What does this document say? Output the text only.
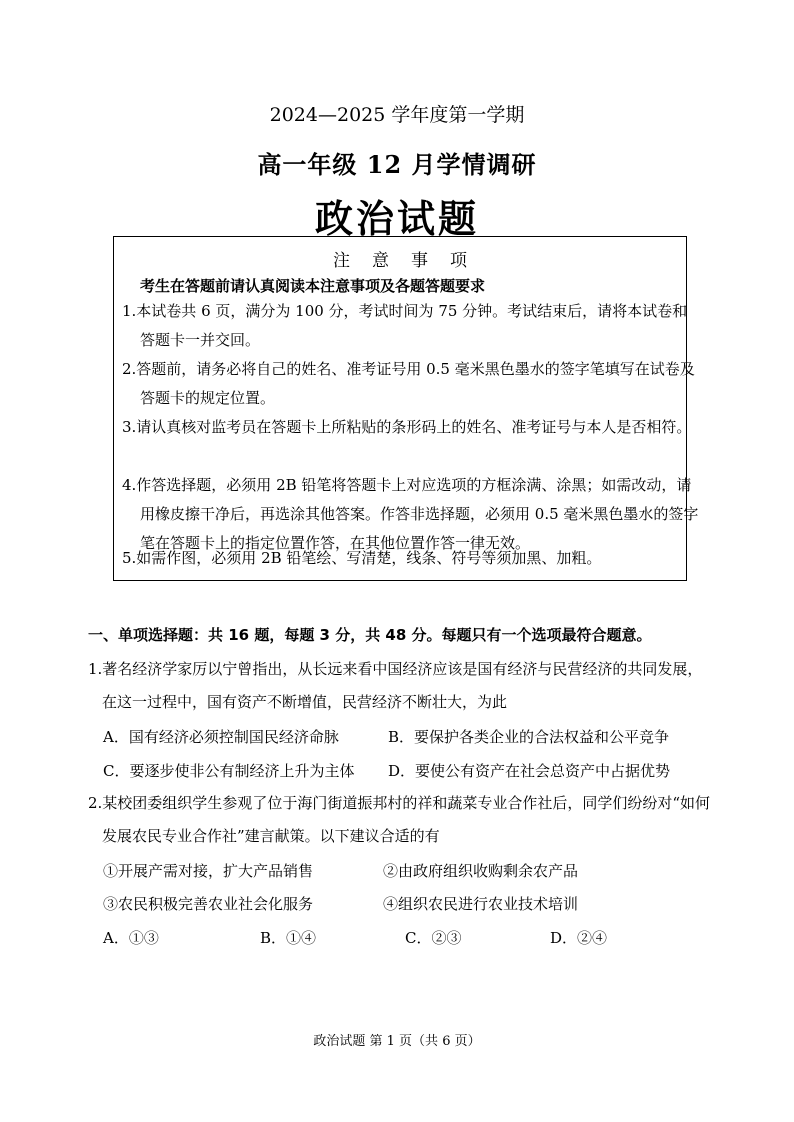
2024—2025 学年度第一学期
高一年级 12 月学情调研
政治试题
注意事项
考生在答题前请认真阅读本注意事项及各题答题要求
1.本试卷共 6 页，满分为 100 分，考试时间为 75 分钟。考试结束后，请将本试卷和答题卡一并交回。
2.答题前，请务必将自己的姓名、准考证号用 0.5 毫米黑色墨水的签字笔填写在试卷及答题卡的规定位置。
3.请认真核对监考员在答题卡上所粘贴的条形码上的姓名、准考证号与本人是否相符。
4.作答选择题，必须用 2B 铅笔将答题卡上对应选项的方框涂满、涂黑；如需改动，请用橡皮擦干净后，再选涂其他答案。作答非选择题，必须用 0.5 毫米黑色墨水的签字笔在答题卡上的指定位置作答，在其他位置作答一律无效。
5.如需作图，必须用 2B 铅笔绘、写清楚，线条、符号等须加黑、加粗。
一、单项选择题：共 16 题，每题 3 分，共 48 分。每题只有一个选项最符合题意。
1.著名经济学家厉以宁曾指出，从长远来看中国经济应该是国有经济与民营经济的共同发展，在这一过程中，国有资产不断增值，民营经济不断壮大，为此
A．国有经济必须控制国民经济命脉	B．要保护各类企业的合法权益和公平竞争
C．要逐步使非公有制经济上升为主体 D．要使公有资产在社会总资产中占据优势
2.某校团委组织学生参观了位于海门街道振邦村的祥和蔬菜专业合作社后，同学们纷纷对“如何发展农民专业合作社”建言献策。以下建议合适的有
①开展产需对接，扩大产品销售	②由政府组织收购剩余农产品
③农民积极完善农业社会化服务	④组织农民进行农业技术培训
A．①③	B．①④	C．②③	D．②④
政治试题 第 1 页（共 6 页）
